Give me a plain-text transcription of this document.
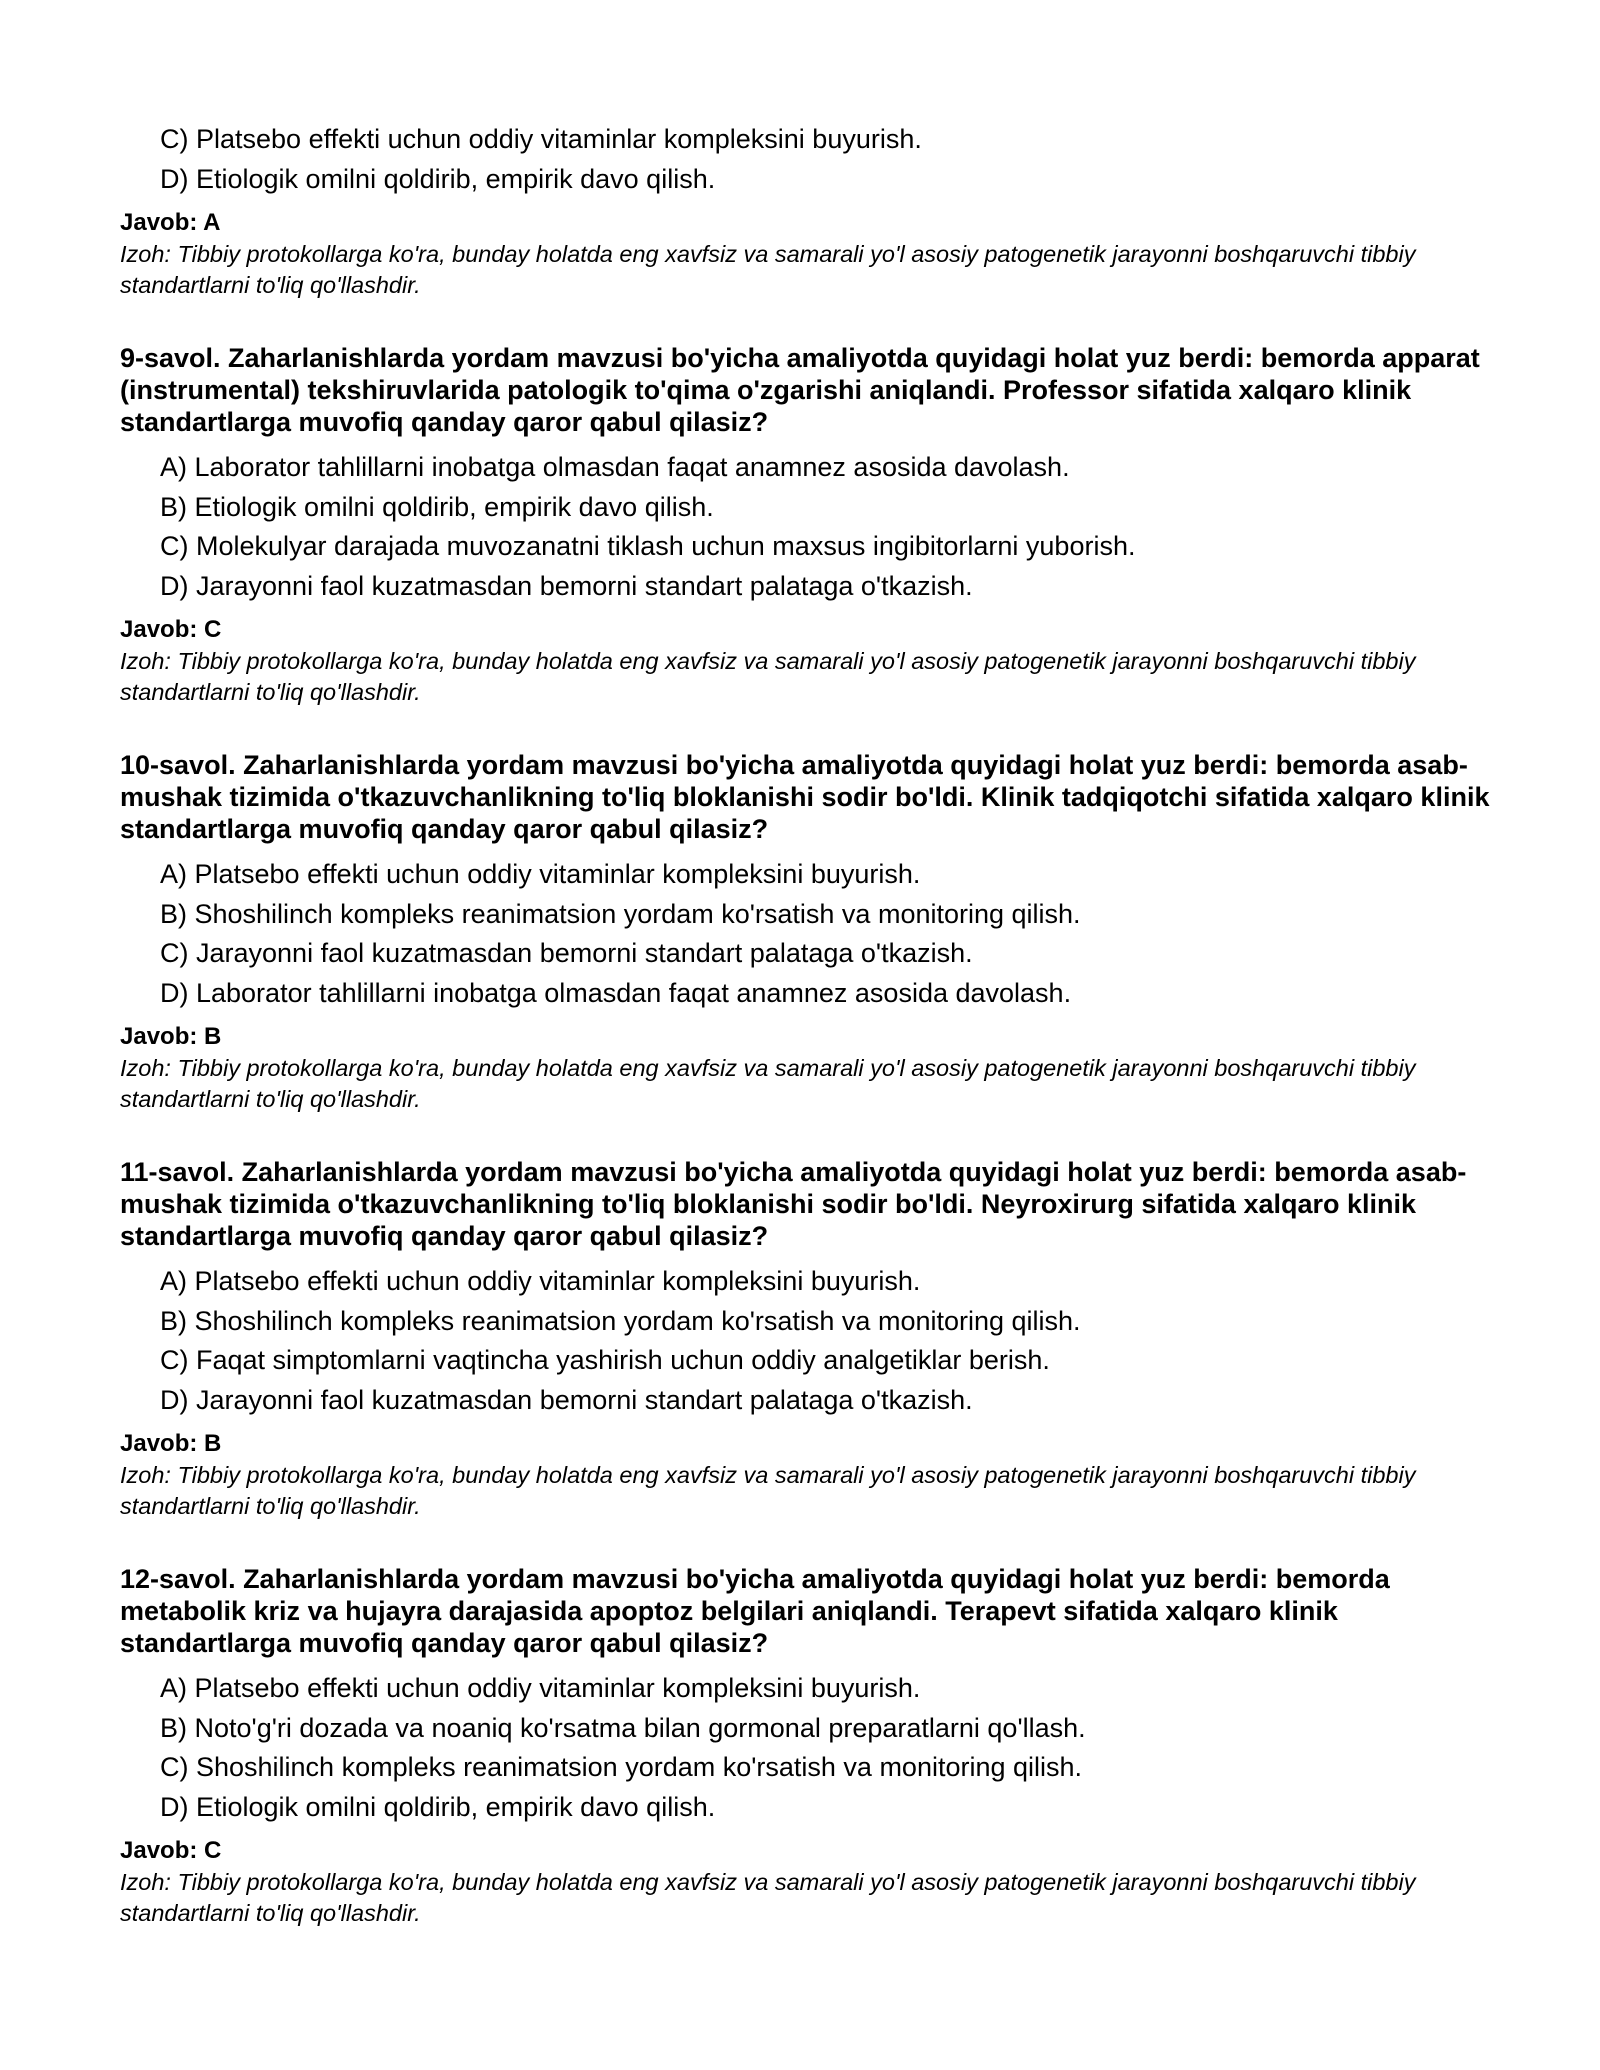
C) Platsebo effekti uchun oddiy vitaminlar kompleksini buyurish.
D) Etiologik omilni qoldirib, empirik davo qilish.
Javob: A
Izoh: Tibbiy protokollarga ko'ra, bunday holatda eng xavfsiz va samarali yo'l asosiy patogenetik jarayonni boshqaruvchi tibbiy standartlarni to'liq qo'llashdir.
9-savol. Zaharlanishlarda yordam mavzusi bo'yicha amaliyotda quyidagi holat yuz berdi: bemorda apparat (instrumental) tekshiruvlarida patologik to'qima o'zgarishi aniqlandi. Professor sifatida xalqaro klinik standartlarga muvofiq qanday qaror qabul qilasiz?
A) Laborator tahlillarni inobatga olmasdan faqat anamnez asosida davolash.
B) Etiologik omilni qoldirib, empirik davo qilish.
C) Molekulyar darajada muvozanatni tiklash uchun maxsus ingibitorlarni yuborish.
D) Jarayonni faol kuzatmasdan bemorni standart palataga o'tkazish.
Javob: C
Izoh: Tibbiy protokollarga ko'ra, bunday holatda eng xavfsiz va samarali yo'l asosiy patogenetik jarayonni boshqaruvchi tibbiy standartlarni to'liq qo'llashdir.
10-savol. Zaharlanishlarda yordam mavzusi bo'yicha amaliyotda quyidagi holat yuz berdi: bemorda asab-mushak tizimida o'tkazuvchanlikning to'liq bloklanishi sodir bo'ldi. Klinik tadqiqotchi sifatida xalqaro klinik standartlarga muvofiq qanday qaror qabul qilasiz?
A) Platsebo effekti uchun oddiy vitaminlar kompleksini buyurish.
B) Shoshilinch kompleks reanimatsion yordam ko'rsatish va monitoring qilish.
C) Jarayonni faol kuzatmasdan bemorni standart palataga o'tkazish.
D) Laborator tahlillarni inobatga olmasdan faqat anamnez asosida davolash.
Javob: B
Izoh: Tibbiy protokollarga ko'ra, bunday holatda eng xavfsiz va samarali yo'l asosiy patogenetik jarayonni boshqaruvchi tibbiy standartlarni to'liq qo'llashdir.
11-savol. Zaharlanishlarda yordam mavzusi bo'yicha amaliyotda quyidagi holat yuz berdi: bemorda asab-mushak tizimida o'tkazuvchanlikning to'liq bloklanishi sodir bo'ldi. Neyroxirurg sifatida xalqaro klinik standartlarga muvofiq qanday qaror qabul qilasiz?
A) Platsebo effekti uchun oddiy vitaminlar kompleksini buyurish.
B) Shoshilinch kompleks reanimatsion yordam ko'rsatish va monitoring qilish.
C) Faqat simptomlarni vaqtincha yashirish uchun oddiy analgetiklar berish.
D) Jarayonni faol kuzatmasdan bemorni standart palataga o'tkazish.
Javob: B
Izoh: Tibbiy protokollarga ko'ra, bunday holatda eng xavfsiz va samarali yo'l asosiy patogenetik jarayonni boshqaruvchi tibbiy standartlarni to'liq qo'llashdir.
12-savol. Zaharlanishlarda yordam mavzusi bo'yicha amaliyotda quyidagi holat yuz berdi: bemorda metabolik kriz va hujayra darajasida apoptoz belgilari aniqlandi. Terapevt sifatida xalqaro klinik standartlarga muvofiq qanday qaror qabul qilasiz?
A) Platsebo effekti uchun oddiy vitaminlar kompleksini buyurish.
B) Noto'g'ri dozada va noaniq ko'rsatma bilan gormonal preparatlarni qo'llash.
C) Shoshilinch kompleks reanimatsion yordam ko'rsatish va monitoring qilish.
D) Etiologik omilni qoldirib, empirik davo qilish.
Javob: C
Izoh: Tibbiy protokollarga ko'ra, bunday holatda eng xavfsiz va samarali yo'l asosiy patogenetik jarayonni boshqaruvchi tibbiy standartlarni to'liq qo'llashdir.
